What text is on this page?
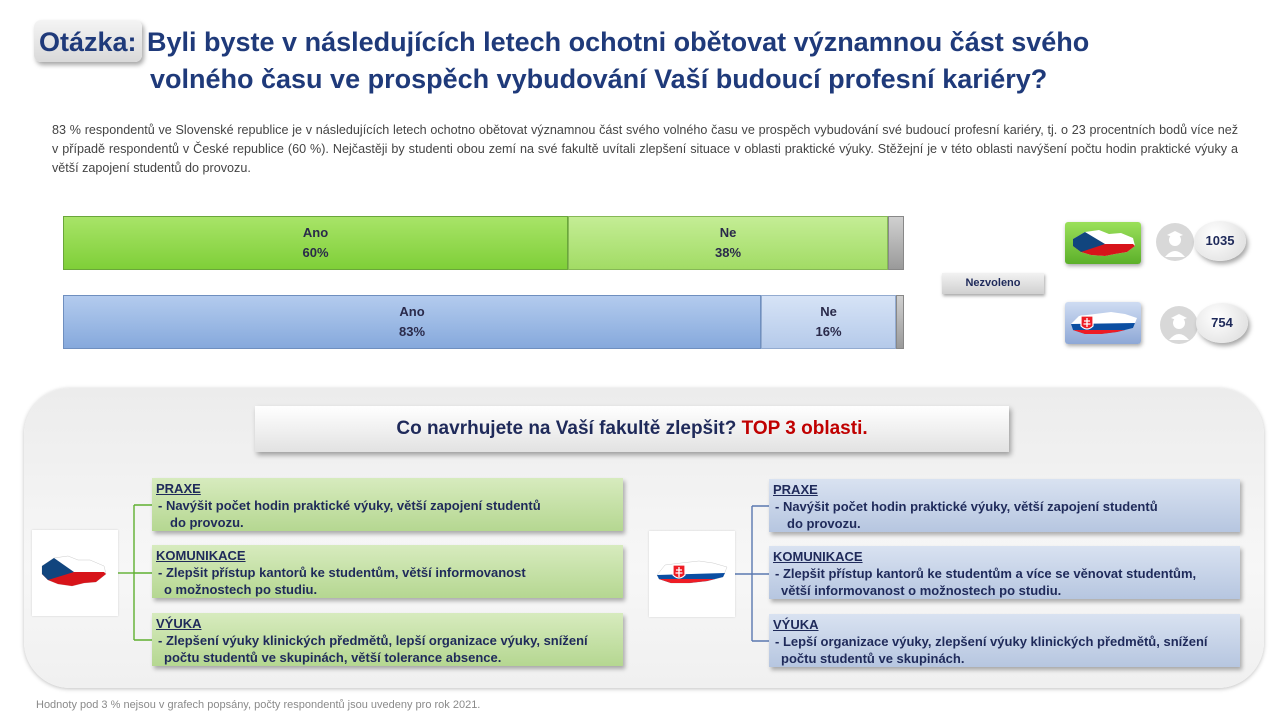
Otázka: Byli byste v následujících letech ochotni obětovat významnou část svého
volného času ve prospěch vybudování Vaší budoucí profesní kariéry?

83 % respondentů ve Slovenské republice je v následujících letech ochotno obětovat významnou část svého volného času ve prospěch vybudování své budoucí profesní kariéry, tj. o 23 procentních bodů více než v případě respondentů v České republice (60 %). Nejčastěji by studenti obou zemí na své fakultě uvítali zlepšení situace v oblasti praktické výuky. Stěžejní je v této oblasti navýšení počtu hodin praktické výuky a větší zapojení studentů do provozu.

Ano
60%
Ne
38%
Ano
83%
Ne
16%
Nezvoleno
1035
754
Co navrhujete na Vaší fakultě zlepšit? TOP 3 oblasti.
PRAXE
- Navýšit počet hodin praktické výuky, větší zapojení studentů
do provozu.
KOMUNIKACE
- Zlepšit přístup kantorů ke studentům, větší informovanost
o možnostech po studiu.
VÝUKA
- Zlepšení výuky klinických předmětů, lepší organizace výuky, snížení
počtu studentů ve skupinách, větší tolerance absence.
PRAXE
- Navýšit počet hodin praktické výuky, větší zapojení studentů
do provozu.
KOMUNIKACE
- Zlepšit přístup kantorů ke studentům a více se věnovat studentům,
větší informovanost o možnostech po studiu.
VÝUKA
- Lepší organizace výuky, zlepšení výuky klinických předmětů, snížení
počtu studentů ve skupinách.
Hodnoty pod 3 % nejsou v grafech popsány, počty respondentů jsou uvedeny pro rok 2021.
